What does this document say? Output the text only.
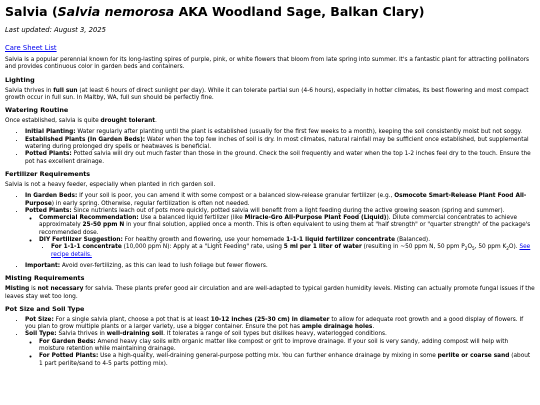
Salvia (Salvia nemorosa AKA Woodland Sage, Balkan Clary)
Last updated: August 3, 2025
Care Sheet List

Salvia is a popular perennial known for its long-lasting spires of purple, pink, or white flowers that bloom from late spring into summer. It's a fantastic plant for attracting pollinators and provides continuous color in garden beds and containers.

Lighting

Salvia thrives in full sun (at least 6 hours of direct sunlight per day). While it can tolerate partial sun (4-6 hours), especially in hotter climates, its best flowering and most compact growth occur in full sun. In Maltby, WA, full sun should be perfectly fine.

Watering Routine

Once established, salvia is quite drought tolerant.

• Initial Planting: Water regularly after planting until the plant is established (usually for the first few weeks to a month), keeping the soil consistently moist but not soggy.
• Established Plants (In Garden Beds): Water when the top few inches of soil is dry. In most climates, natural rainfall may be sufficient once established, but supplemental watering during prolonged dry spells or heatwaves is beneficial.
• Potted Plants: Potted salvia will dry out much faster than those in the ground. Check the soil frequently and water when the top 1-2 inches feel dry to the touch. Ensure the pot has excellent drainage.
Fertilizer Requirements

Salvia is not a heavy feeder, especially when planted in rich garden soil.

• In Garden Beds: If your soil is poor, you can amend it with some compost or a balanced slow-release granular fertilizer (e.g., Osmocote Smart-Release Plant Food All-Purpose) in early spring. Otherwise, regular fertilization is often not needed.
• Potted Plants: Since nutrients leach out of pots more quickly, potted salvia will benefit from a light feeding during the active growing season (spring and summer).
◦ Commercial Recommendation: Use a balanced liquid fertilizer (like Miracle-Gro All-Purpose Plant Food (Liquid)). Dilute commercial concentrates to achieve approximately 25-50 ppm N in your final solution, applied once a month. This is often equivalent to using them at "half strength" or "quarter strength" of the package's recommended dose.
◦ DIY Fertilizer Suggestion: For healthy growth and flowering, use your homemade 1-1-1 liquid fertilizer concentrate (Balanced).
• For 1-1-1 concentrate (10,000 ppm N): Apply at a "Light Feeding" rate, using 5 ml per 1 liter of water (resulting in ~50 ppm N, 50 ppm $P_2O_5$, 50 ppm $K_2O$). See recipe details.
• Important: Avoid over-fertilizing, as this can lead to lush foliage but fewer flowers.
Misting Requirements

Misting is not necessary for salvia. These plants prefer good air circulation and are well-adapted to typical garden humidity levels. Misting can actually promote fungal issues if the leaves stay wet too long.

Pot Size and Soil Type
• Pot Size: For a single salvia plant, choose a pot that is at least 10-12 inches (25-30 cm) in diameter to allow for adequate root growth and a good display of flowers. If you plan to grow multiple plants or a larger variety, use a bigger container. Ensure the pot has ample drainage holes.
• Soil Type: Salvia thrives in well-draining soil. It tolerates a range of soil types but dislikes heavy, waterlogged conditions.
◦ For Garden Beds: Amend heavy clay soils with organic matter like compost or grit to improve drainage. If your soil is very sandy, adding compost will help with moisture retention while maintaining drainage.
◦ For Potted Plants: Use a high-quality, well-draining general-purpose potting mix. You can further enhance drainage by mixing in some perlite or coarse sand (about 1 part perlite/sand to 4-5 parts potting mix).
